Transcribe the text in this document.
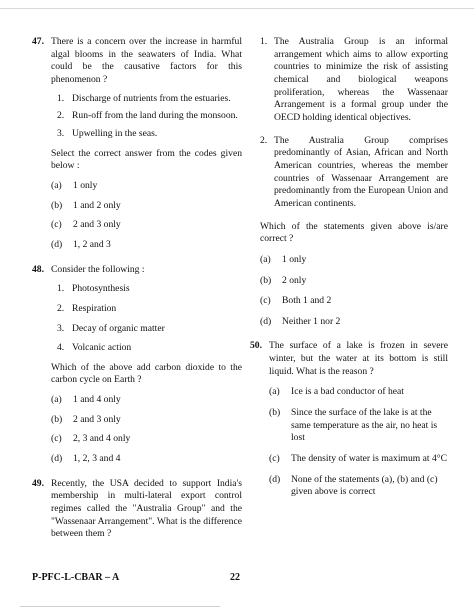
47. There is a concern over the increase in harmful algal blooms in the seawaters of India. What could be the causative factors for this phenomenon ?
1. Discharge of nutrients from the estuaries.
2. Run-off from the land during the monsoon.
3. Upwelling in the seas.
Select the correct answer from the codes given below :
(a) 1 only
(b) 1 and 2 only
(c) 2 and 3 only
(d) 1, 2 and 3
48. Consider the following :
1. Photosynthesis
2. Respiration
3. Decay of organic matter
4. Volcanic action
Which of the above add carbon dioxide to the carbon cycle on Earth ?
(a) 1 and 4 only
(b) 2 and 3 only
(c) 2, 3 and 4 only
(d) 1, 2, 3 and 4
49. Recently, the USA decided to support India's membership in multi-lateral export control regimes called the "Australia Group" and the "Wassenaar Arrangement". What is the difference between them ?
1. The Australia Group is an informal arrangement which aims to allow exporting countries to minimize the risk of assisting chemical and biological weapons proliferation, whereas the Wassenaar Arrangement is a formal group under the OECD holding identical objectives.
2. The Australia Group comprises predominantly of Asian, African and North American countries, whereas the member countries of Wassenaar Arrangement are predominantly from the European Union and American continents.
Which of the statements given above is/are correct ?
(a) 1 only
(b) 2 only
(c) Both 1 and 2
(d) Neither 1 nor 2
50. The surface of a lake is frozen in severe winter, but the water at its bottom is still liquid. What is the reason ?
(a) Ice is a bad conductor of heat
(b) Since the surface of the lake is at the same temperature as the air, no heat is lost
(c) The density of water is maximum at 4°C
(d) None of the statements (a), (b) and (c) given above is correct
P-PFC-L-CBAR – A	22
